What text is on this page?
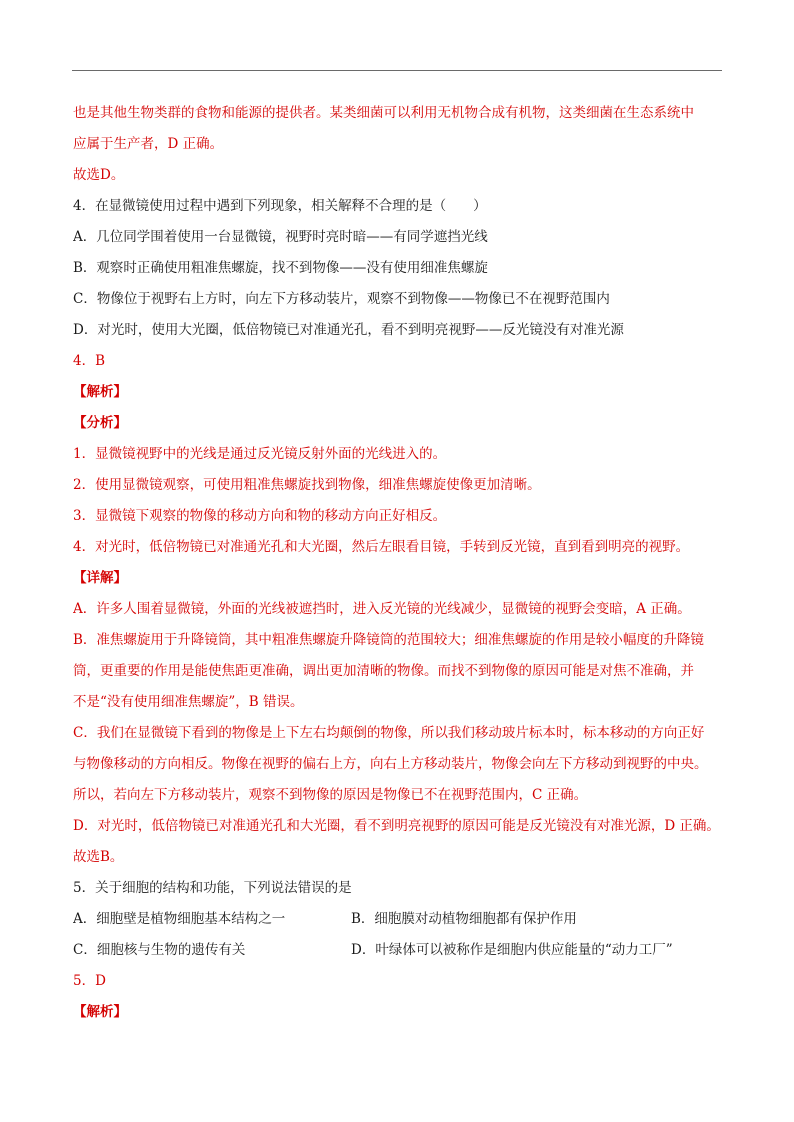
也是其他生物类群的食物和能源的提供者。某类细菌可以利用无机物合成有机物，这类细菌在生态系统中
应属于生产者，D 正确。
故选D。
4．在显微镜使用过程中遇到下列现象，相关解释不合理的是（　　）
A．几位同学围着使用一台显微镜，视野时亮时暗——有同学遮挡光线
B．观察时正确使用粗准焦螺旋，找不到物像——没有使用细准焦螺旋
C．物像位于视野右上方时，向左下方移动装片，观察不到物像——物像已不在视野范围内
D．对光时，使用大光圈，低倍物镜已对准通光孔，看不到明亮视野——反光镜没有对准光源
4．B
【解析】
【分析】
1．显微镜视野中的光线是通过反光镜反射外面的光线进入的。
2．使用显微镜观察，可使用粗准焦螺旋找到物像，细准焦螺旋使像更加清晰。
3．显微镜下观察的物像的移动方向和物的移动方向正好相反。
4．对光时，低倍物镜已对准通光孔和大光圈，然后左眼看目镜，手转到反光镜，直到看到明亮的视野。
【详解】
A．许多人围着显微镜，外面的光线被遮挡时，进入反光镜的光线减少，显微镜的视野会变暗，A 正确。
B．准焦螺旋用于升降镜筒，其中粗准焦螺旋升降镜筒的范围较大；细准焦螺旋的作用是较小幅度的升降镜
筒，更重要的作用是能使焦距更准确，调出更加清晰的物像。而找不到物像的原因可能是对焦不准确，并
不是“没有使用细准焦螺旋”，B 错误。
C．我们在显微镜下看到的物像是上下左右均颠倒的物像，所以我们移动玻片标本时，标本移动的方向正好
与物像移动的方向相反。物像在视野的偏右上方，向右上方移动装片，物像会向左下方移动到视野的中央。
所以，若向左下方移动装片，观察不到物像的原因是物像已不在视野范围内，C 正确。
D．对光时，低倍物镜已对准通光孔和大光圈，看不到明亮视野的原因可能是反光镜没有对准光源，D 正确。
故选B。
5．关于细胞的结构和功能，下列说法错误的是
A．细胞壁是植物细胞基本结构之一	B．细胞膜对动植物细胞都有保护作用
C．细胞核与生物的遗传有关	D．叶绿体可以被称作是细胞内供应能量的“动力工厂”
5．D
【解析】
